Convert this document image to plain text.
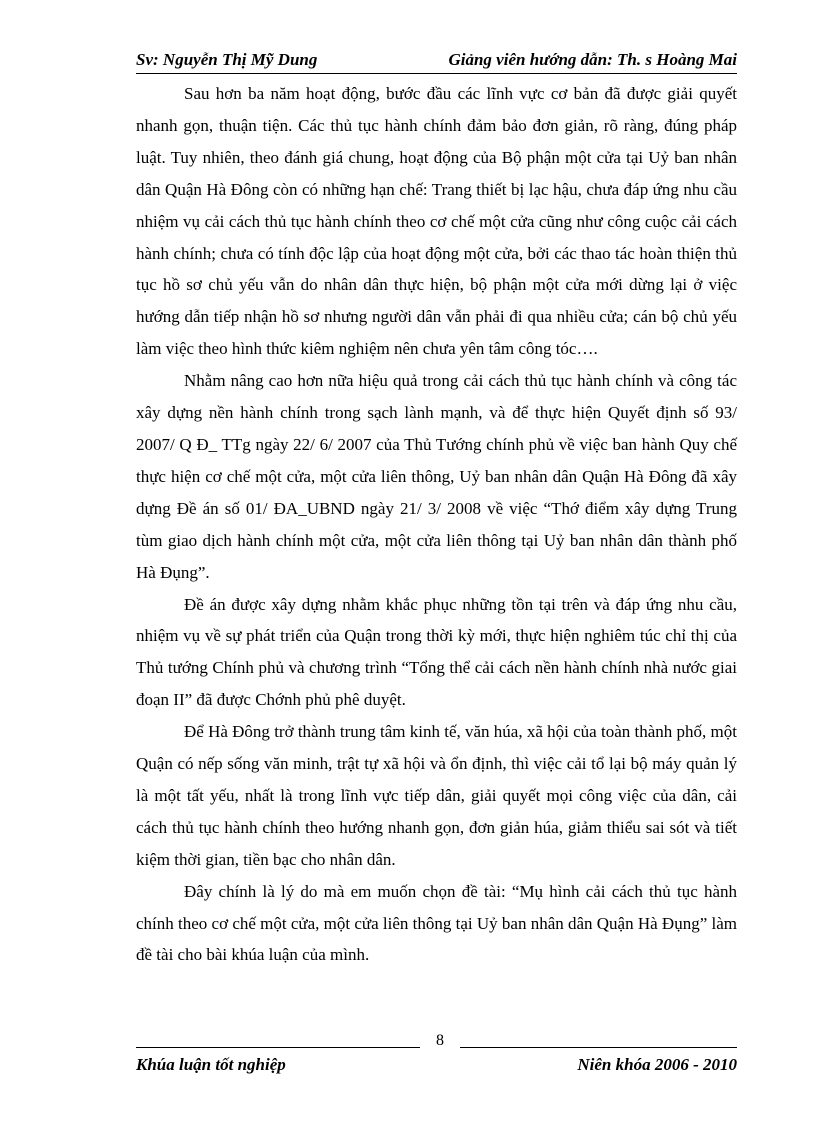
Sv: Nguyễn Thị Mỹ Dung	Giảng viên hướng dẫn: Th. s Hoàng Mai

Sau hơn ba năm hoạt động, bước đầu các lĩnh vực cơ bản đã được giải quyết nhanh gọn, thuận tiện. Các thủ tục hành chính đảm bảo đơn giản, rõ ràng, đúng pháp luật. Tuy nhiên, theo đánh giá chung, hoạt động của Bộ phận một cửa tại Uỷ ban nhân dân Quận Hà Đông còn có những hạn chế: Trang thiết bị lạc hậu, chưa đáp ứng nhu cầu nhiệm vụ cải cách thủ tục hành chính theo cơ chế một cửa cũng như công cuộc cải cách hành chính; chưa có tính độc lập của hoạt động một cửa, bởi các thao tác hoàn thiện thủ tục hồ sơ chủ yếu vẫn do nhân dân thực hiện, bộ phận một cửa mới dừng lại ở việc hướng dẫn tiếp nhận hồ sơ nhưng người dân vẫn phải đi qua nhiều cửa; cán bộ chủ yếu làm việc theo hình thức kiêm nghiệm nên chưa yên tâm công tóc….

Nhằm nâng cao hơn nữa hiệu quả trong cải cách thủ tục hành chính và công tác xây dựng nền hành chính trong sạch lành mạnh, và để thực hiện Quyết định số 93/ 2007/ Q Đ_ TTg ngày 22/ 6/ 2007 của Thủ Tướng chính phủ về việc ban hành Quy chế thực hiện cơ chế một cửa, một cửa liên thông, Uỷ ban nhân dân Quận Hà Đông đã xây dựng Đề án số 01/ ĐA_UBND ngày 21/ 3/ 2008 về việc “Thớ điểm xây dựng Trung tùm giao dịch hành chính một cửa, một cửa liên thông tại Uỷ ban nhân dân thành phố Hà Đụng”.

Đề án được xây dựng nhằm khắc phục những tồn tại trên và đáp ứng nhu cầu, nhiệm vụ về sự phát triển của Quận trong thời kỳ mới, thực hiện nghiêm túc chỉ thị của Thủ tướng Chính phủ và chương trình “Tổng thể cải cách nền hành chính nhà nước giai đoạn II” đã được Chớnh phủ phê duyệt.

Để Hà Đông trở thành trung tâm kinh tế, văn húa, xã hội của toàn thành phố, một Quận có nếp sống văn minh, trật tự xã hội và ổn định, thì việc cải tổ lại bộ máy quản lý là một tất yếu, nhất là trong lĩnh vực tiếp dân, giải quyết mọi công việc của dân, cải cách thủ tục hành chính theo hướng nhanh gọn, đơn giản húa, giảm thiểu sai sót và tiết kiệm thời gian, tiền bạc cho nhân dân.

Đây chính là lý do mà em muốn chọn đề tài: “Mụ hình cải cách thủ tục hành chính theo cơ chế một cửa, một cửa liên thông tại Uỷ ban nhân dân Quận Hà Đụng” làm đề tài cho bài khúa luận của mình.

8
Khúa luận tốt nghiệp	Niên khóa 2006 - 2010
